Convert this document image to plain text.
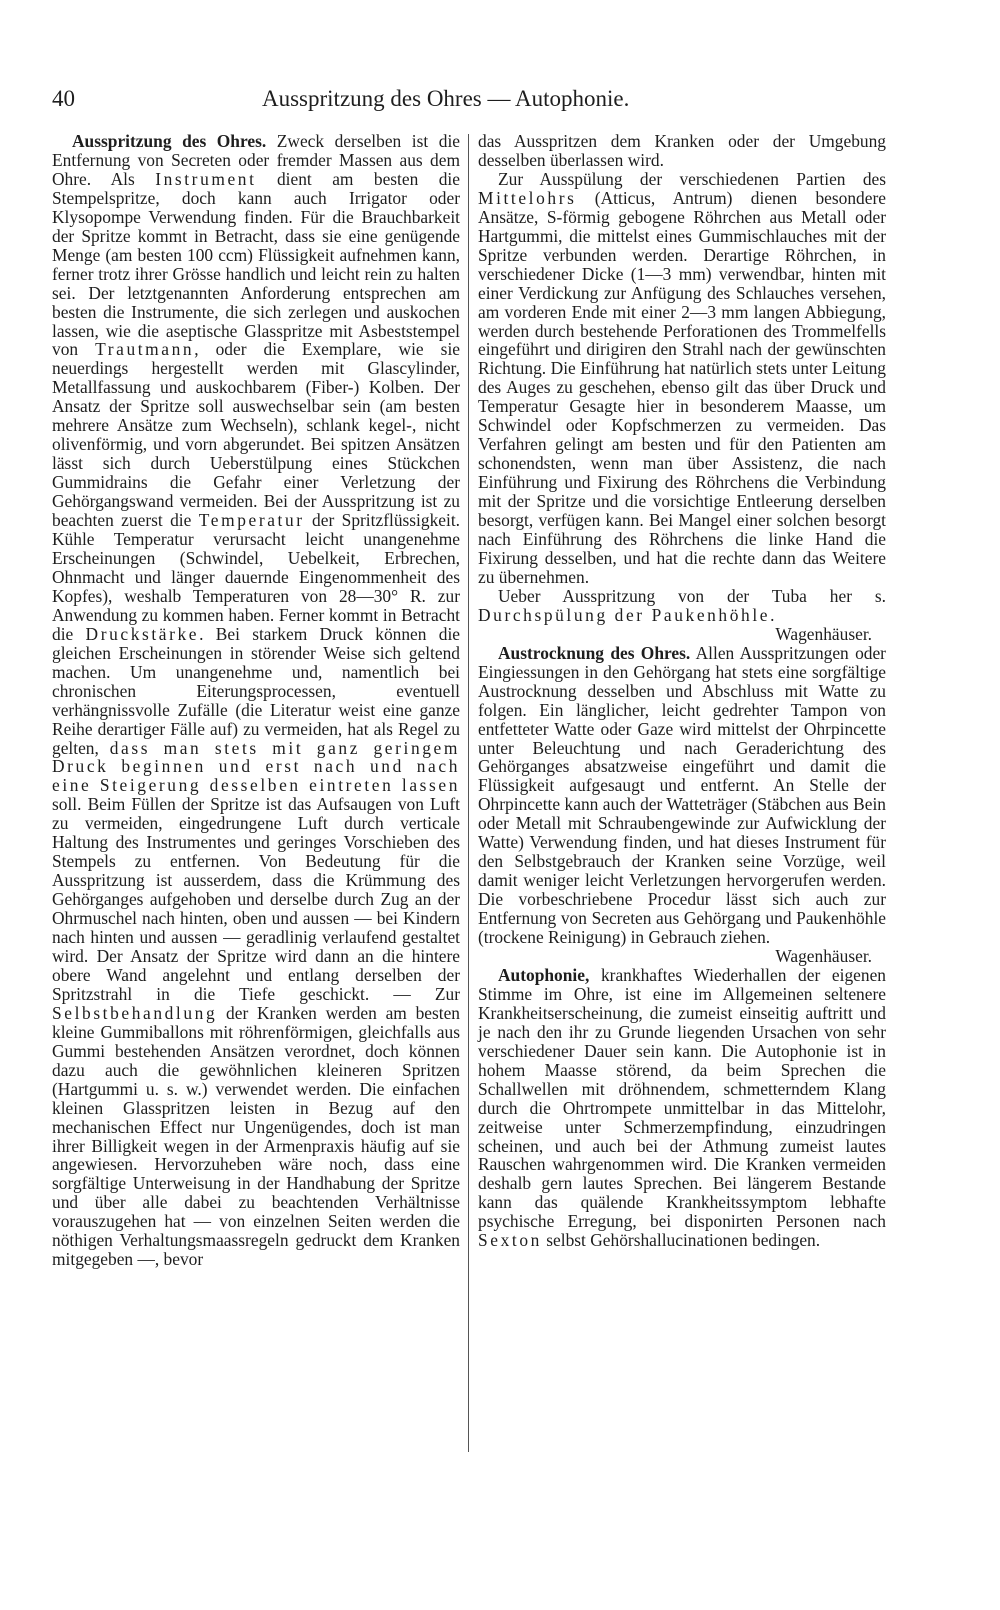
40	Ausspritzung des Ohres — Autophonie.

Ausspritzung des Ohres. Zweck derselben ist die Entfernung von Secreten oder fremder Massen aus dem Ohre. Als Instrument dient am besten die Stempelspritze, doch kann auch Irrigator oder Klysopompe Verwendung finden. Für die Brauchbarkeit der Spritze kommt in Betracht, dass sie eine genügende Menge (am besten 100 ccm) Flüssigkeit aufnehmen kann, ferner trotz ihrer Grösse handlich und leicht rein zu halten sei. Der letztgenannten Anforderung entsprechen am besten die Instrumente, die sich zerlegen und auskochen lassen, wie die aseptische Glasspritze mit Asbeststempel von Trautmann, oder die Exemplare, wie sie neuerdings hergestellt werden mit Glascylinder, Metallfassung und auskochbarem (Fiber-) Kolben. Der Ansatz der Spritze soll auswechselbar sein (am besten mehrere Ansätze zum Wechseln), schlank kegel-, nicht olivenförmig, und vorn abgerundet. Bei spitzen Ansätzen lässt sich durch Ueberstülpung eines Stückchen Gummidrains die Gefahr einer Verletzung der Gehörgangswand vermeiden. Bei der Ausspritzung ist zu beachten zuerst die Temperatur der Spritzflüssigkeit. Kühle Temperatur verursacht leicht unangenehme Erscheinungen (Schwindel, Uebelkeit, Erbrechen, Ohnmacht und länger dauernde Eingenommenheit des Kopfes), weshalb Temperaturen von 28—30° R. zur Anwendung zu kommen haben. Ferner kommt in Betracht die Druckstärke. Bei starkem Druck können die gleichen Erscheinungen in störender Weise sich geltend machen. Um unangenehme und, namentlich bei chronischen Eiterungsprocessen, eventuell verhängnissvolle Zufälle (die Literatur weist eine ganze Reihe derartiger Fälle auf) zu vermeiden, hat als Regel zu gelten, dass man stets mit ganz geringem Druck beginnen und erst nach und nach eine Steigerung desselben eintreten lassen soll. Beim Füllen der Spritze ist das Aufsaugen von Luft zu vermeiden, eingedrungene Luft durch verticale Haltung des Instrumentes und geringes Vorschieben des Stempels zu entfernen. Von Bedeutung für die Ausspritzung ist ausserdem, dass die Krümmung des Gehörganges aufgehoben und derselbe durch Zug an der Ohrmuschel nach hinten, oben und aussen — bei Kindern nach hinten und aussen — geradlinig verlaufend gestaltet wird. Der Ansatz der Spritze wird dann an die hintere obere Wand angelehnt und entlang derselben der Spritzstrahl in die Tiefe geschickt. — Zur Selbstbehandlung der Kranken werden am besten kleine Gummiballons mit röhrenförmigen, gleichfalls aus Gummi bestehenden Ansätzen verordnet, doch können dazu auch die gewöhnlichen kleineren Spritzen (Hartgummi u. s. w.) verwendet werden. Die einfachen kleinen Glasspritzen leisten in Bezug auf den mechanischen Effect nur Ungenügendes, doch ist man ihrer Billigkeit wegen in der Armenpraxis häufig auf sie angewiesen. Hervorzuheben wäre noch, dass eine sorgfältige Unterweisung in der Handhabung der Spritze und über alle dabei zu beachtenden Verhältnisse vorauszugehen hat — von einzelnen Seiten werden die nöthigen Verhaltungsmaassregeln gedruckt dem Kranken mitgegeben —, bevor

das Ausspritzen dem Kranken oder der Umgebung desselben überlassen wird.

Zur Ausspülung der verschiedenen Partien des Mittelohrs (Atticus, Antrum) dienen besondere Ansätze, S-förmig gebogene Röhrchen aus Metall oder Hartgummi, die mittelst eines Gummischlauches mit der Spritze verbunden werden. Derartige Röhrchen, in verschiedener Dicke (1—3 mm) verwendbar, hinten mit einer Verdickung zur Anfügung des Schlauches versehen, am vorderen Ende mit einer 2—3 mm langen Abbiegung, werden durch bestehende Perforationen des Trommelfells eingeführt und dirigiren den Strahl nach der gewünschten Richtung. Die Einführung hat natürlich stets unter Leitung des Auges zu geschehen, ebenso gilt das über Druck und Temperatur Gesagte hier in besonderem Maasse, um Schwindel oder Kopfschmerzen zu vermeiden. Das Verfahren gelingt am besten und für den Patienten am schonendsten, wenn man über Assistenz, die nach Einführung und Fixirung des Röhrchens die Verbindung mit der Spritze und die vorsichtige Entleerung derselben besorgt, verfügen kann. Bei Mangel einer solchen besorgt nach Einführung des Röhrchens die linke Hand die Fixirung desselben, und hat die rechte dann das Weitere zu übernehmen.

Ueber Ausspritzung von der Tuba her s. Durchspülung der Paukenhöhle.

Wagenhäuser.

Austrocknung des Ohres. Allen Ausspritzungen oder Eingiessungen in den Gehörgang hat stets eine sorgfältige Austrocknung desselben und Abschluss mit Watte zu folgen. Ein länglicher, leicht gedrehter Tampon von entfetteter Watte oder Gaze wird mittelst der Ohrpincette unter Beleuchtung und nach Geraderichtung des Gehörganges absatzweise eingeführt und damit die Flüssigkeit aufgesaugt und entfernt. An Stelle der Ohrpincette kann auch der Watteträger (Stäbchen aus Bein oder Metall mit Schraubengewinde zur Aufwicklung der Watte) Verwendung finden, und hat dieses Instrument für den Selbstgebrauch der Kranken seine Vorzüge, weil damit weniger leicht Verletzungen hervorgerufen werden. Die vorbeschriebene Procedur lässt sich auch zur Entfernung von Secreten aus Gehörgang und Paukenhöhle (trockene Reinigung) in Gebrauch ziehen.

Wagenhäuser.

Autophonie, krankhaftes Wiederhallen der eigenen Stimme im Ohre, ist eine im Allgemeinen seltenere Krankheitserscheinung, die zumeist einseitig auftritt und je nach den ihr zu Grunde liegenden Ursachen von sehr verschiedener Dauer sein kann. Die Autophonie ist in hohem Maasse störend, da beim Sprechen die Schallwellen mit dröhnendem, schmetterndem Klang durch die Ohrtrompete unmittelbar in das Mittelohr, zeitweise unter Schmerzempfindung, einzudringen scheinen, und auch bei der Athmung zumeist lautes Rauschen wahrgenommen wird. Die Kranken vermeiden deshalb gern lautes Sprechen. Bei längerem Bestande kann das quälende Krankheitssymptom lebhafte psychische Erregung, bei disponirten Personen nach Sexton selbst Gehörshallucinationen bedingen.
